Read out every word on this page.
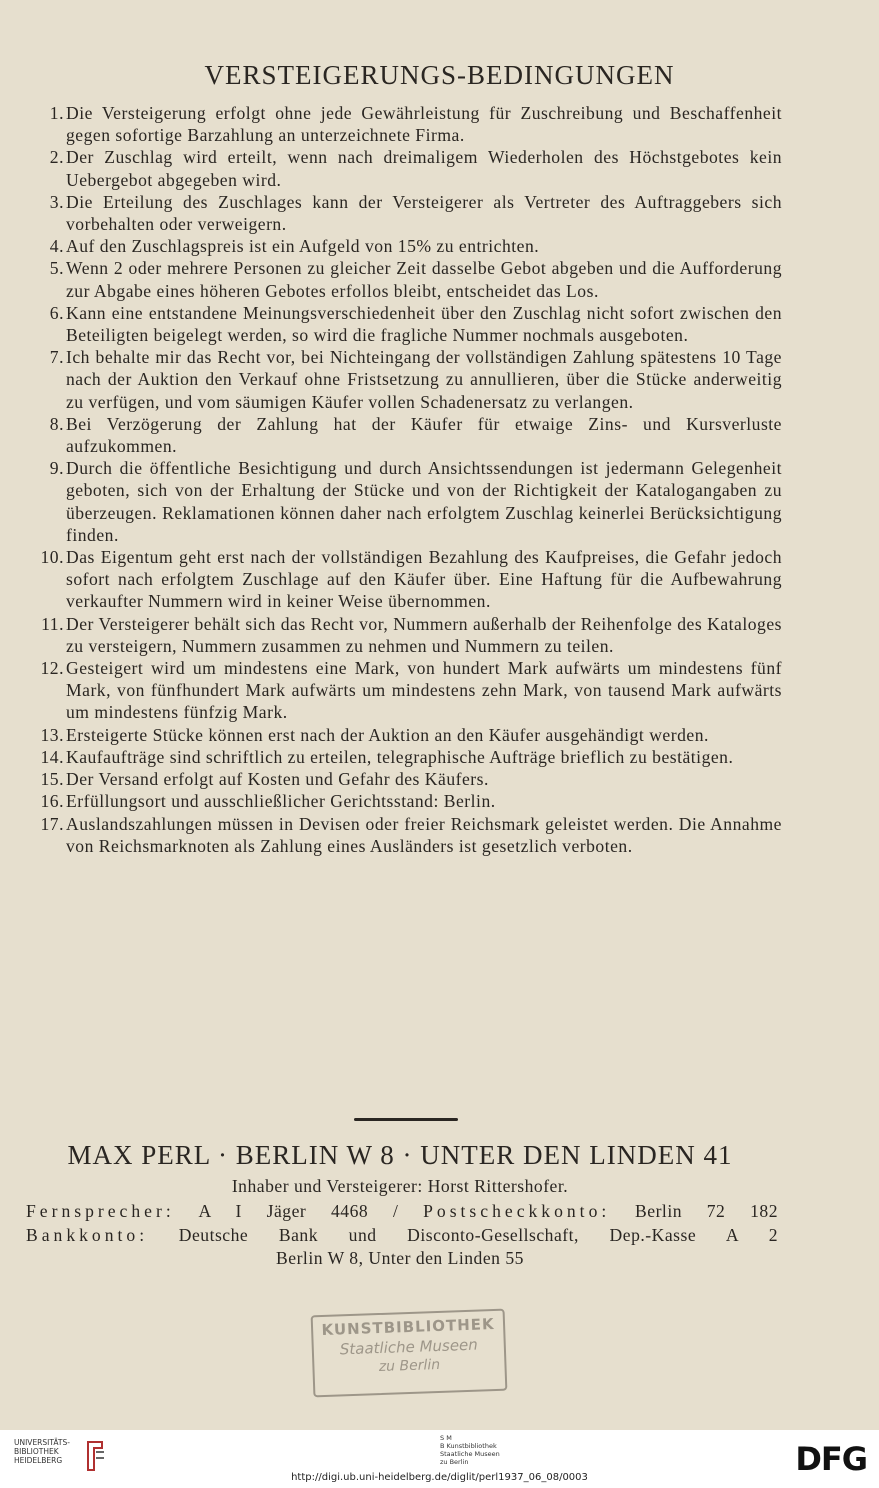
VERSTEIGERUNGS-BEDINGUNGEN
1. Die Versteigerung erfolgt ohne jede Gewährleistung für Zuschreibung und Beschaffenheit gegen sofortige Barzahlung an unterzeichnete Firma.
2. Der Zuschlag wird erteilt, wenn nach dreimaligem Wiederholen des Höchstgebotes kein Uebergebot abgegeben wird.
3. Die Erteilung des Zuschlages kann der Versteigerer als Vertreter des Auftraggebers sich vorbehalten oder verweigern.
4. Auf den Zuschlagspreis ist ein Aufgeld von 15% zu entrichten.
5. Wenn 2 oder mehrere Personen zu gleicher Zeit dasselbe Gebot abgeben und die Aufforderung zur Abgabe eines höheren Gebotes erfollos bleibt, entscheidet das Los.
6. Kann eine entstandene Meinungsverschiedenheit über den Zuschlag nicht sofort zwischen den Beteiligten beigelegt werden, so wird die fragliche Nummer nochmals ausgeboten.
7. Ich behalte mir das Recht vor, bei Nichteingang der vollständigen Zahlung spätestens 10 Tage nach der Auktion den Verkauf ohne Fristsetzung zu annullieren, über die Stücke anderweitig zu verfügen, und vom säumigen Käufer vollen Schadenersatz zu verlangen.
8. Bei Verzögerung der Zahlung hat der Käufer für etwaige Zins- und Kursverluste aufzukommen.
9. Durch die öffentliche Besichtigung und durch Ansichtssendungen ist jedermann Gelegenheit geboten, sich von der Erhaltung der Stücke und von der Richtigkeit der Katalogangaben zu überzeugen. Reklamationen können daher nach erfolgtem Zuschlag keinerlei Berücksichtigung finden.
10. Das Eigentum geht erst nach der vollständigen Bezahlung des Kaufpreises, die Gefahr jedoch sofort nach erfolgtem Zuschlage auf den Käufer über. Eine Haftung für die Aufbewahrung verkaufter Nummern wird in keiner Weise übernommen.
11. Der Versteigerer behält sich das Recht vor, Nummern außerhalb der Reihenfolge des Kataloges zu versteigern, Nummern zusammen zu nehmen und Nummern zu teilen.
12. Gesteigert wird um mindestens eine Mark, von hundert Mark aufwärts um mindestens fünf Mark, von fünfhundert Mark aufwärts um mindestens zehn Mark, von tausend Mark aufwärts um mindestens fünfzig Mark.
13. Ersteigerte Stücke können erst nach der Auktion an den Käufer ausgehändigt werden.
14. Kaufaufträge sind schriftlich zu erteilen, telegraphische Aufträge brieflich zu bestätigen.
15. Der Versand erfolgt auf Kosten und Gefahr des Käufers.
16. Erfüllungsort und ausschließlicher Gerichtsstand: Berlin.
17. Auslandszahlungen müssen in Devisen oder freier Reichsmark geleistet werden. Die Annahme von Reichsmarknoten als Zahlung eines Ausländers ist gesetzlich verboten.
MAX PERL · BERLIN W 8 · UNTER DEN LINDEN 41
Inhaber und Versteigerer: Horst Rittershofer.
Fernsprecher: A I Jäger 4468 / Postscheckkonto: Berlin 72 182
Bankkonto: Deutsche Bank und Disconto-Gesellschaft, Dep.-Kasse A 2
Berlin W 8, Unter den Linden 55
KUNSTBIBLIOTHEK
Staatliche Museen
zu Berlin
UNIVERSITÄTS-
BIBLIOTHEK
HEIDELBERG
S M
B Kunstbibliothek
Staatliche Museen
zu Berlin	DFG
http://digi.ub.uni-heidelberg.de/diglit/perl1937_06_08/0003
